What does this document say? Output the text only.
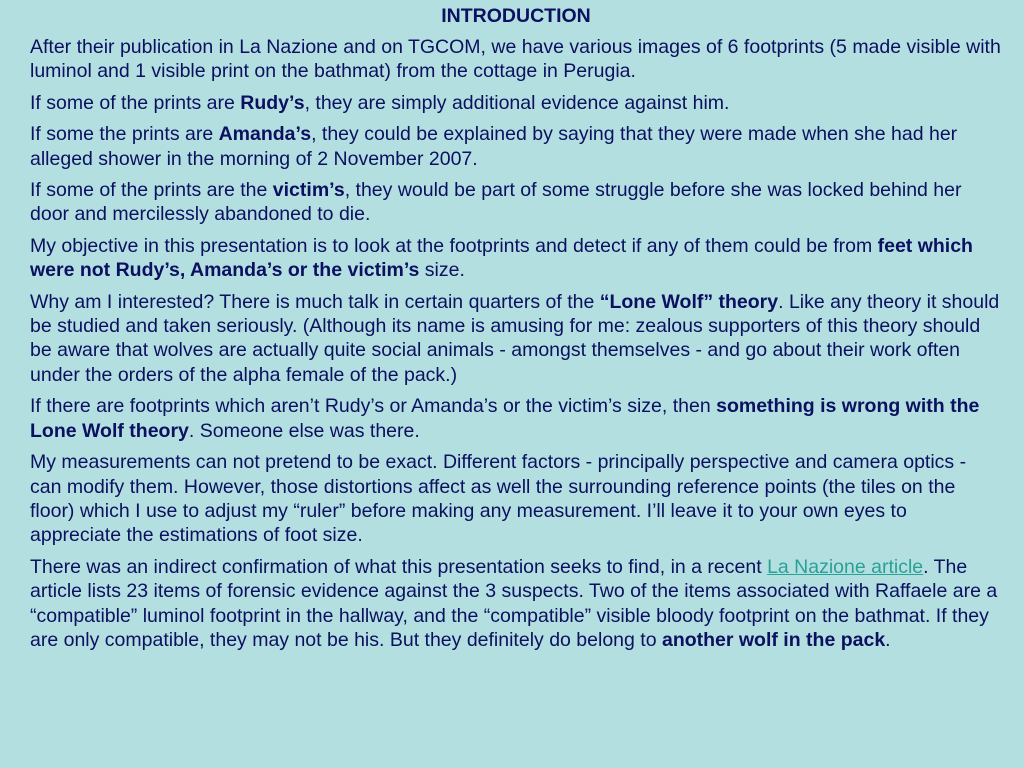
INTRODUCTION

After their publication in La Nazione and on TGCOM, we have various images of 6 footprints (5 made visible with luminol and 1 visible print on the bathmat) from the cottage in Perugia.

If some of the prints are Rudy’s, they are simply additional evidence against him.

If some the prints are Amanda’s, they could be explained by saying that they were made when she had her alleged shower in the morning of 2 November 2007.

If some of the prints are the victim’s, they would be part of some struggle before she was locked behind her door and mercilessly abandoned to die.

My objective in this presentation is to look at the footprints and detect if any of them could be from feet which were not Rudy’s, Amanda’s or the victim’s size.

Why am I interested? There is much talk in certain quarters of the “Lone Wolf” theory. Like any theory it should be studied and taken seriously. (Although its name is amusing for me: zealous supporters of this theory should be aware that wolves are actually quite social animals - amongst themselves - and go about their work often under the orders of the alpha female of the pack.)

If there are footprints which aren’t Rudy’s or Amanda’s or the victim’s size, then something is wrong with the Lone Wolf theory. Someone else was there.

My measurements can not pretend to be exact. Different factors - principally perspective and camera optics - can modify them. However, those distortions affect as well the surrounding reference points (the tiles on the floor) which I use to adjust my “ruler” before making any measurement. I’ll leave it to your own eyes to appreciate the estimations of foot size.

There was an indirect confirmation of what this presentation seeks to find, in a recent La Nazione article. The article lists 23 items of forensic evidence against the 3 suspects. Two of the items associated with Raffaele are a “compatible” luminol footprint in the hallway, and the “compatible” visible bloody footprint on the bathmat. If they are only compatible, they may not be his. But they definitely do belong to another wolf in the pack.
